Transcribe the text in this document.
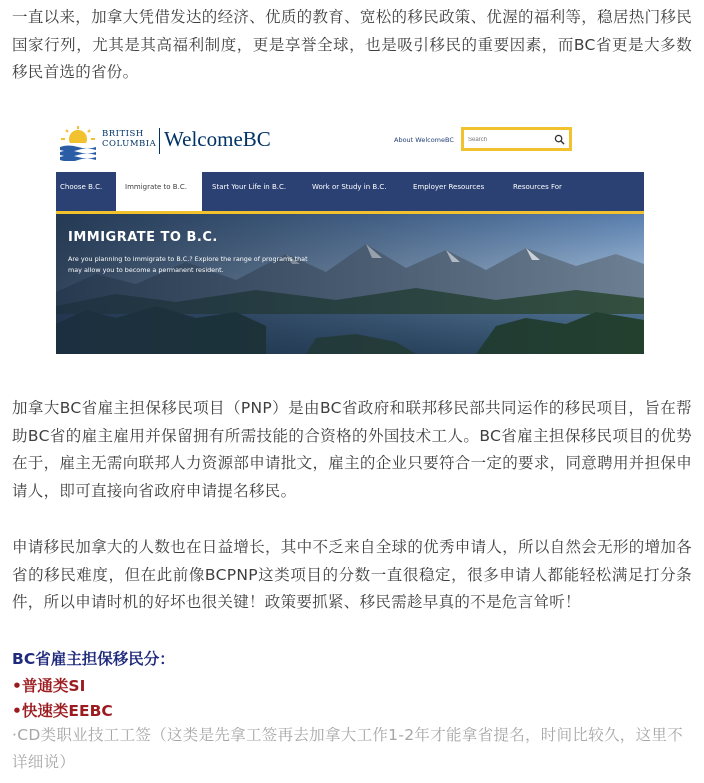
一直以来，加拿大凭借发达的经济、优质的教育、宽松的移民政策、优渥的福利等，稳居热门移民国家行列，尤其是其高福利制度，更是享誉全球，也是吸引移民的重要因素，而BC省更是大多数移民首选的省份。

BRITISH
COLUMBIA WelcomeBC	About WelcomeBC
Search
Choose B.C.	Immigrate to B.C.	Start Your Life in B.C.	Work or Study in B.C.	Employer Resources	Resources For
IMMIGRATE TO B.C.
Are you planning to immigrate to B.C.? Explore the range of programs that may allow you to become a permanent resident.

加拿大BC省雇主担保移民项目（PNP）是由BC省政府和联邦移民部共同运作的移民项目，旨在帮助BC省的雇主雇用并保留拥有所需技能的合资格的外国技术工人。BC省雇主担保移民项目的优势在于，雇主无需向联邦人力资源部申请批文，雇主的企业只要符合一定的要求，同意聘用并担保申请人，即可直接向省政府申请提名移民。

申请移民加拿大的人数也在日益增长，其中不乏来自全球的优秀申请人，所以自然会无形的增加各省的移民难度，但在此前像BCPNP这类项目的分数一直很稳定，很多申请人都能轻松满足打分条件，所以申请时机的好坏也很关键！政策要抓紧、移民需趁早真的不是危言耸听！

BC省雇主担保移民分：
•普通类SI
•快速类EEBC

·CD类职业技工工签（这类是先拿工签再去加拿大工作1-2年才能拿省提名，时间比较久，这里不详细说）
